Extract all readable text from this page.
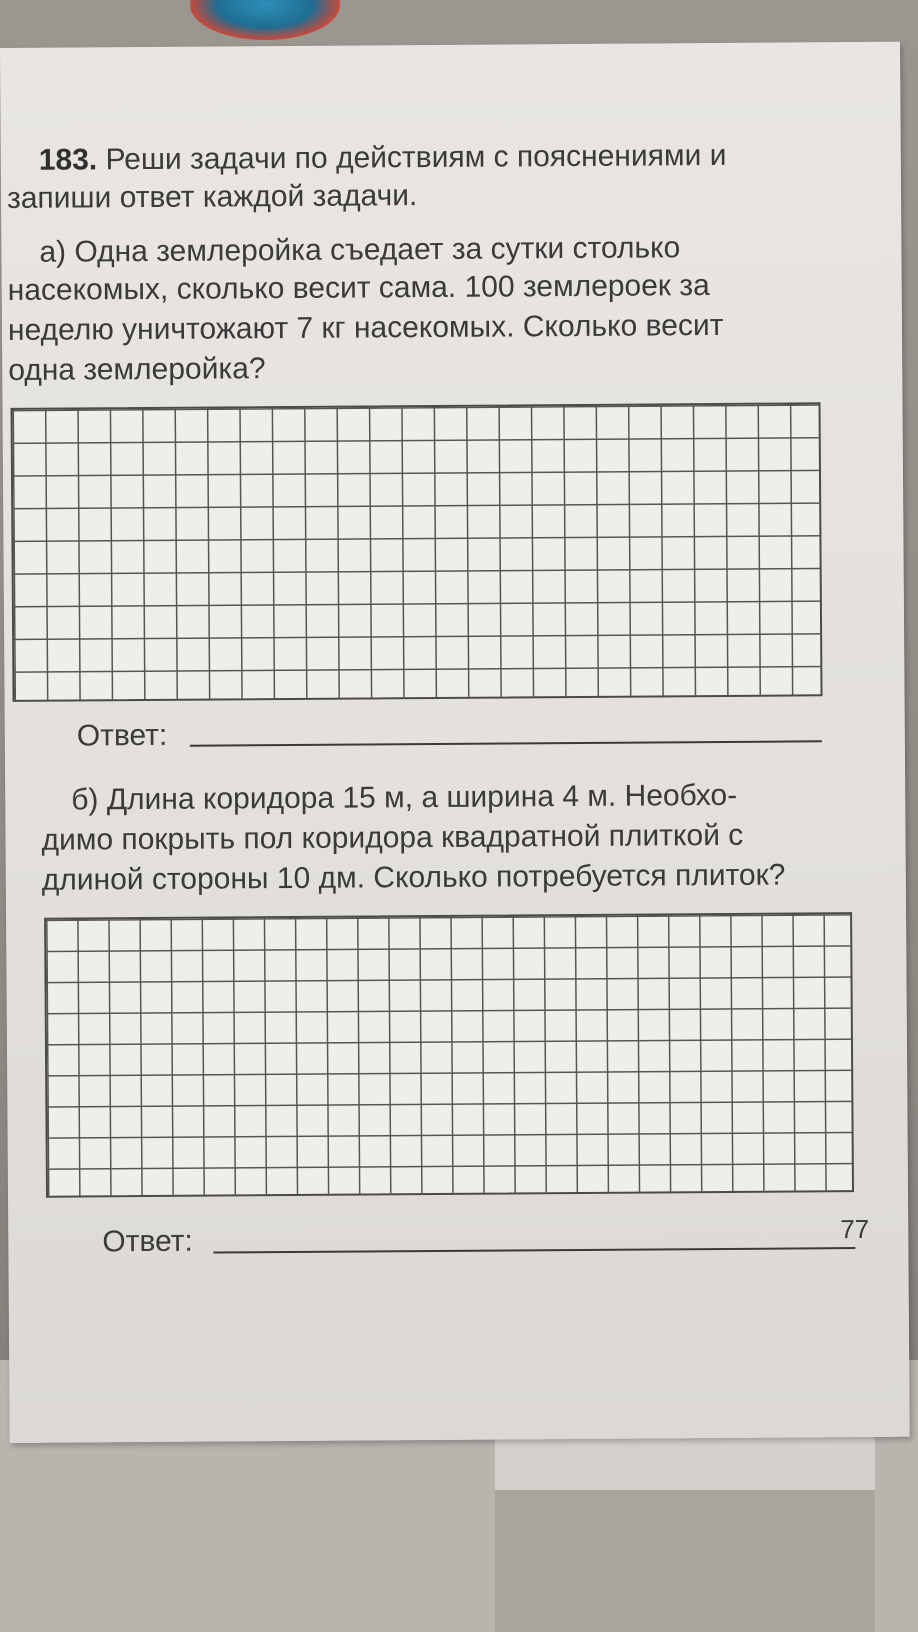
183. Реши задачи по действиям с пояснениями и
запиши ответ каждой задачи.
а) Одна землеройка съедает за сутки столько
насекомых, сколько весит сама. 100 землероек за
неделю уничтожают 7 кг насекомых. Сколько весит
одна землеройка?
Ответ:
б) Длина коридора 15 м, а ширина 4 м. Необхо-
димо покрыть пол коридора квадратной плиткой с
длиной стороны 10 дм. Сколько потребуется плиток?
Ответ:	77
